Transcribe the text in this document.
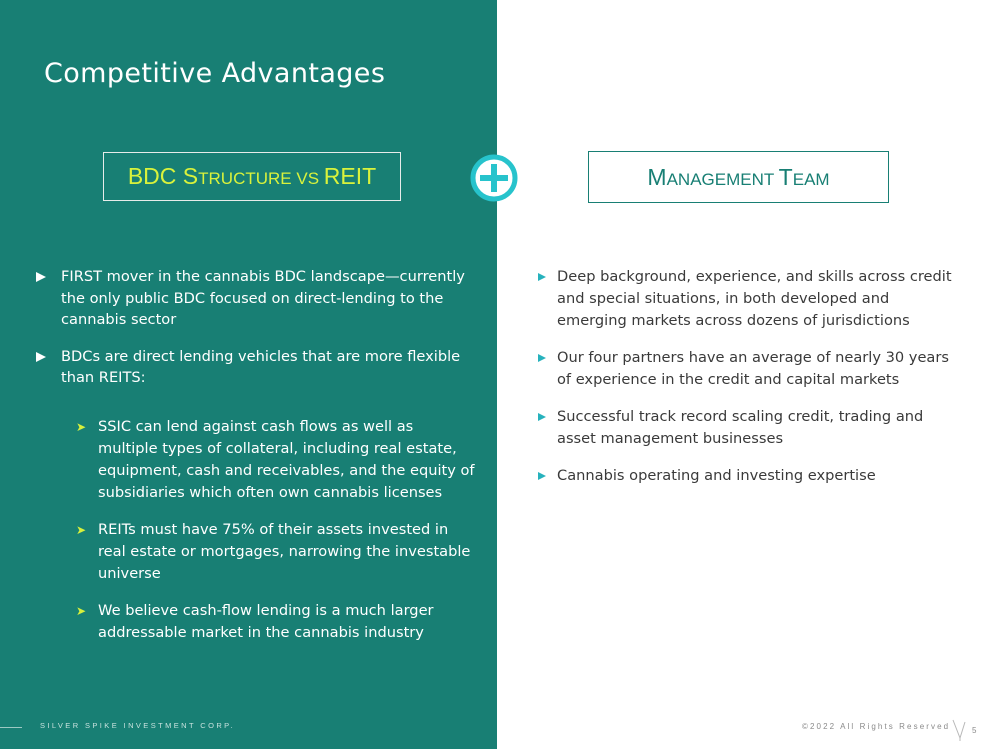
Competitive Advantages
BDC STRUCTURE VS REIT	MANAGEMENT TEAM
FIRST mover in the cannabis BDC landscape—currently the only public BDC focused on direct-lending to the cannabis sector
BDCs are direct lending vehicles that are more flexible than REITS:
➤ SSIC can lend against cash flows as well as multiple types of collateral, including real estate, equipment, cash and receivables, and the equity of subsidiaries which often own cannabis licenses
➤ REITs must have 75% of their assets invested in real estate or mortgages, narrowing the investable universe
➤ We believe cash-flow lending is a much larger addressable market in the cannabis industry
Deep background, experience, and skills across credit and special situations, in both developed and emerging markets across dozens of jurisdictions
Our four partners have an average of nearly 30 years of experience in the credit and capital markets
Successful track record scaling credit, trading and asset management businesses
Cannabis operating and investing expertise
SILVER SPIKE INVESTMENT CORP.	©2022 All Rights Reserved	5
